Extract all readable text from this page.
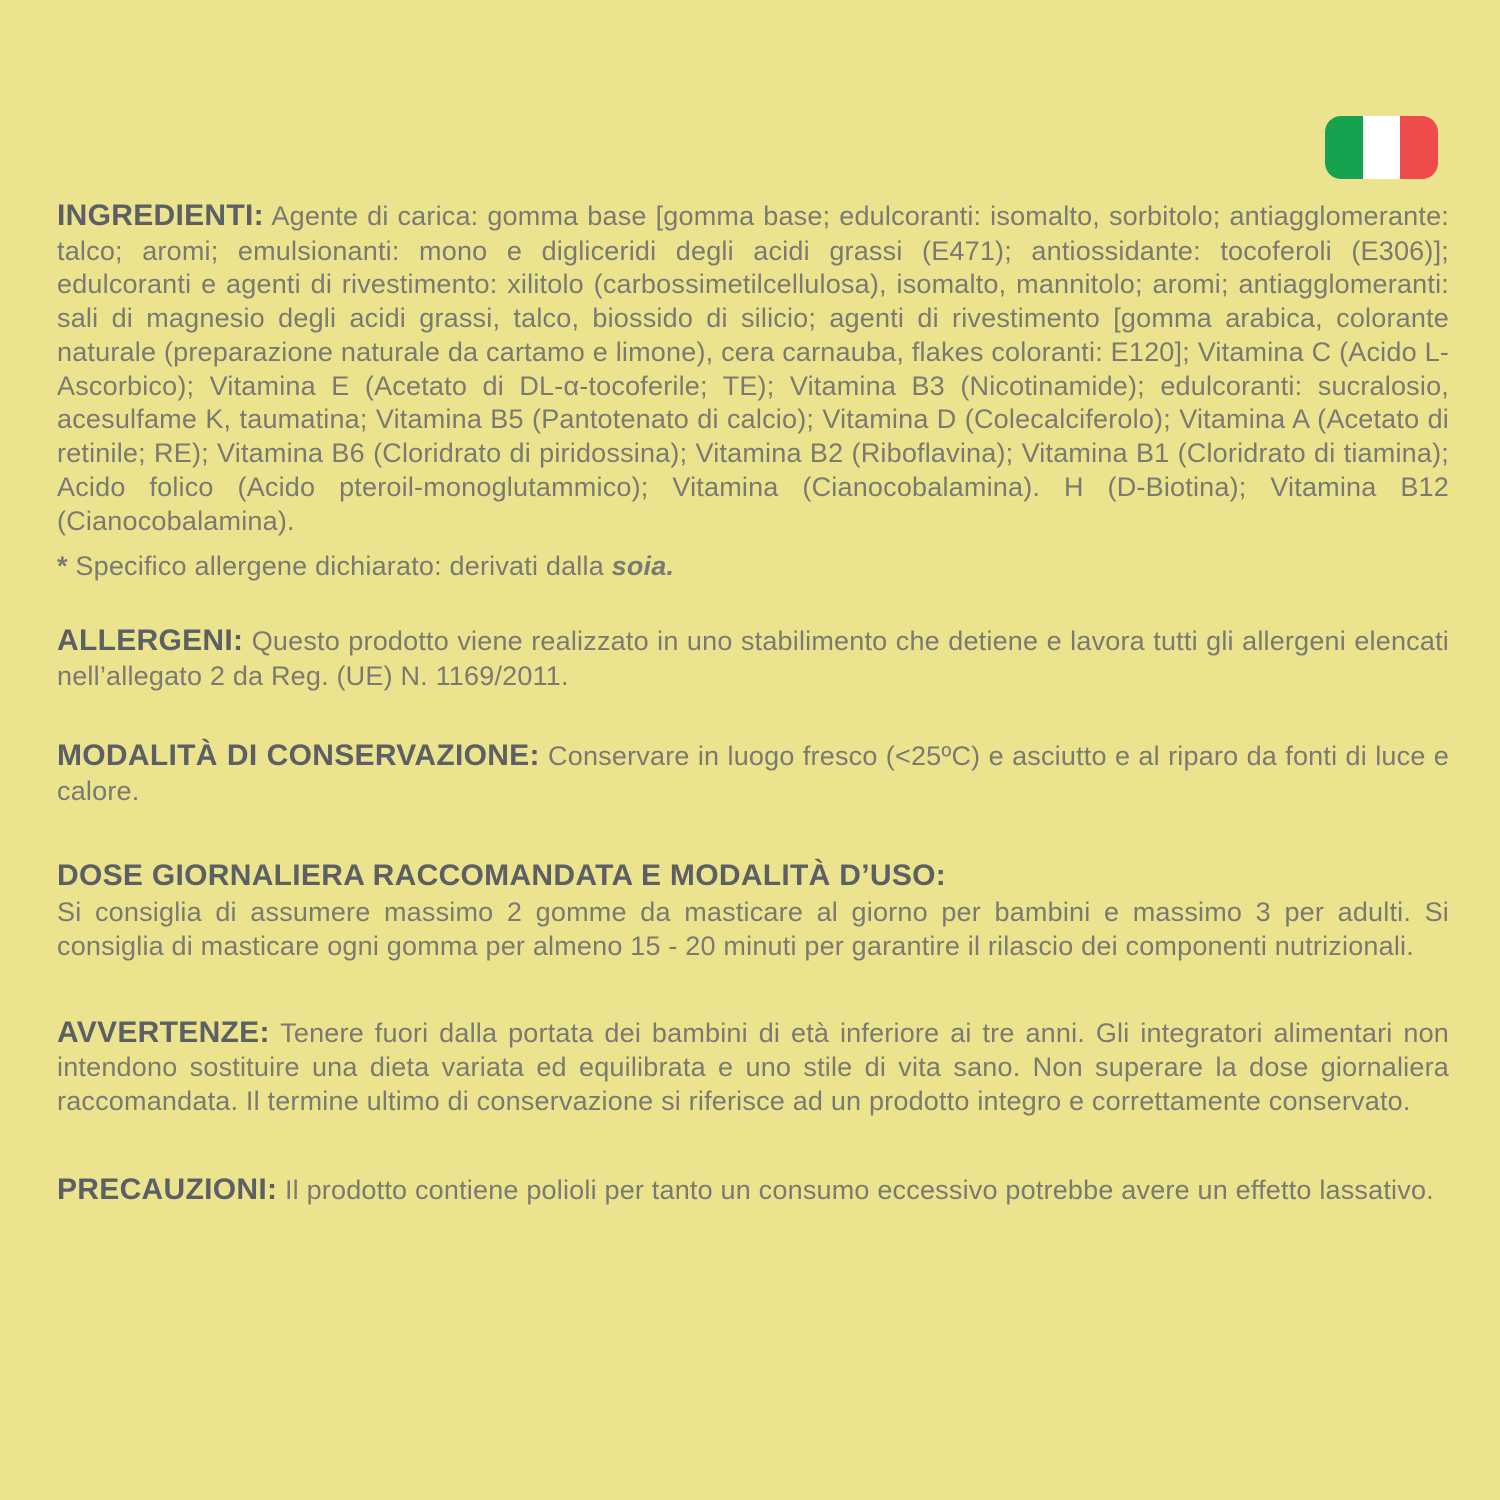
INGREDIENTI: Agente di carica: gomma base [gomma base; edulcoranti: isomalto, sorbitolo; antiagglomerante: talco; aromi; emulsionanti: mono e digliceridi degli acidi grassi (E471); antiossidante: tocoferoli (E306)]; edulcoranti e agenti di rivestimento: xilitolo (carbossimetilcellulosa), isomalto, mannitolo; aromi; antiagglomeranti: sali di magnesio degli acidi grassi, talco, biossido di silicio; agenti di rivestimento [gomma arabica, colorante naturale (preparazione naturale da cartamo e limone), cera carnauba, flakes coloranti: E120]; Vitamina C (Acido L-Ascorbico); Vitamina E (Acetato di DL-α-tocoferile; TE); Vitamina B3 (Nicotinamide); edulcoranti: sucralosio, acesulfame K, taumatina; Vitamina B5 (Pantotenato di calcio); Vitamina D (Colecalciferolo); Vitamina A (Acetato di retinile; RE); Vitamina B6 (Cloridrato di piridossina); Vitamina B2 (Riboflavina); Vitamina B1 (Cloridrato di tiamina); Acido folico (Acido pteroil-monoglutammico); Vitamina (Cianocobalamina). H (D-Biotina); Vitamina B12 (Cianocobalamina).

* Specifico allergene dichiarato: derivati dalla soia.

ALLERGENI: Questo prodotto viene realizzato in uno stabilimento che detiene e lavora tutti gli allergeni elencati nell’allegato 2 da Reg. (UE) N. 1169/2011.

MODALITÀ DI CONSERVAZIONE: Conservare in luogo fresco (<25ºC) e asciutto e al riparo da fonti di luce e calore.

DOSE GIORNALIERA RACCOMANDATA E MODALITÀ D’USO:
Si consiglia di assumere massimo 2 gomme da masticare al giorno per bambini e massimo 3 per adulti. Si consiglia di masticare ogni gomma per almeno 15 - 20 minuti per garantire il rilascio dei componenti nutrizionali.

AVVERTENZE: Tenere fuori dalla portata dei bambini di età inferiore ai tre anni. Gli integratori alimentari non intendono sostituire una dieta variata ed equilibrata e uno stile di vita sano. Non superare la dose giornaliera raccomandata. Il termine ultimo di conservazione si riferisce ad un prodotto integro e correttamente conservato.

PRECAUZIONI: Il prodotto contiene polioli per tanto un consumo eccessivo potrebbe avere un effetto lassativo.
